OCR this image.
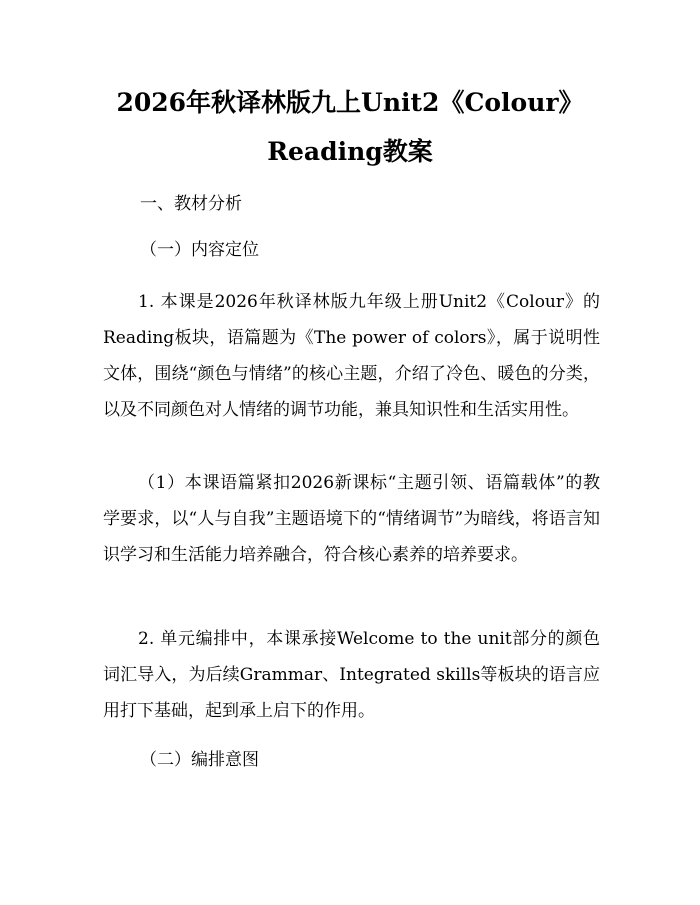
2026年秋译林版九上Unit2《Colour》
Reading教案
一、教材分析
（一）内容定位

1. 本课是2026年秋译林版九年级上册Unit2《Colour》的Reading板块，语篇题为《The power of colors》，属于说明性文体，围绕“颜色与情绪”的核心主题，介绍了冷色、暖色的分类，以及不同颜色对人情绪的调节功能，兼具知识性和生活实用性。

（1）本课语篇紧扣2026新课标“主题引领、语篇载体”的教学要求，以“人与自我”主题语境下的“情绪调节”为暗线，将语言知识学习和生活能力培养融合，符合核心素养的培养要求。

2. 单元编排中，本课承接Welcome to the unit部分的颜色词汇导入，为后续Grammar、Integrated skills等板块的语言应用打下基础，起到承上启下的作用。

（二）编排意图
